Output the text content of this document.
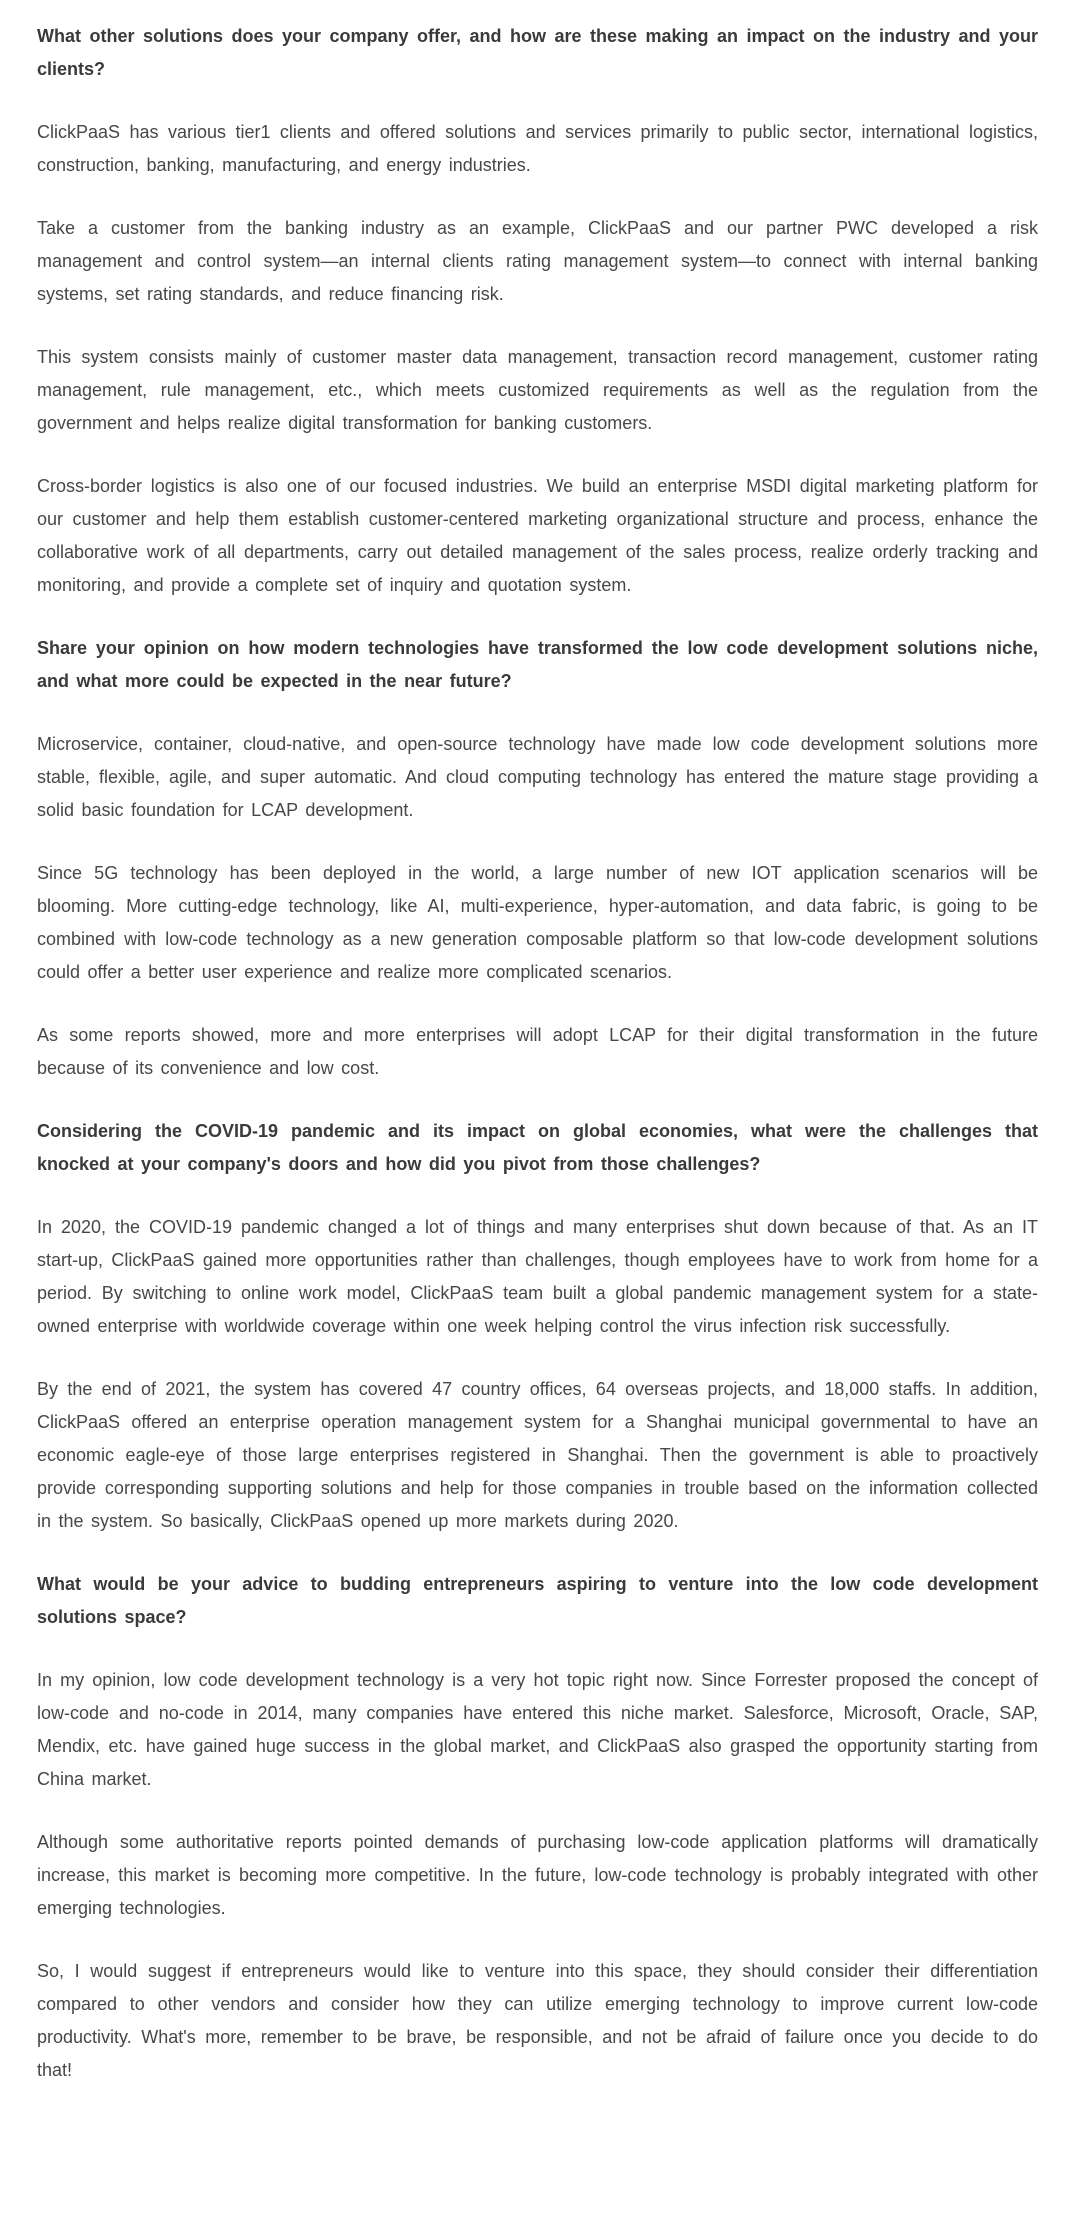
What other solutions does your company offer, and how are these making an impact on the industry and your clients?

ClickPaaS has various tier1 clients and offered solutions and services primarily to public sector, international logistics, construction, banking, manufacturing, and energy industries.

Take a customer from the banking industry as an example, ClickPaaS and our partner PWC developed a risk management and control system—an internal clients rating management system—to connect with internal banking systems, set rating standards, and reduce financing risk.

This system consists mainly of customer master data management, transaction record management, customer rating management, rule management, etc., which meets customized requirements as well as the regulation from the government and helps realize digital transformation for banking customers.

Cross-border logistics is also one of our focused industries. We build an enterprise MSDI digital marketing platform for our customer and help them establish customer-centered marketing organizational structure and process, enhance the collaborative work of all departments, carry out detailed management of the sales process, realize orderly tracking and monitoring, and provide a complete set of inquiry and quotation system.

Share your opinion on how modern technologies have transformed the low code development solutions niche, and what more could be expected in the near future?

Microservice, container, cloud-native, and open-source technology have made low code development solutions more stable, flexible, agile, and super automatic. And cloud computing technology has entered the mature stage providing a solid basic foundation for LCAP development.

Since 5G technology has been deployed in the world, a large number of new IOT application scenarios will be blooming. More cutting-edge technology, like AI, multi-experience, hyper-automation, and data fabric, is going to be combined with low-code technology as a new generation composable platform so that low-code development solutions could offer a better user experience and realize more complicated scenarios.

As some reports showed, more and more enterprises will adopt LCAP for their digital transformation in the future because of its convenience and low cost.

Considering the COVID-19 pandemic and its impact on global economies, what were the challenges that knocked at your company's doors and how did you pivot from those challenges?

In 2020, the COVID-19 pandemic changed a lot of things and many enterprises shut down because of that. As an IT start-up, ClickPaaS gained more opportunities rather than challenges, though employees have to work from home for a period. By switching to online work model, ClickPaaS team built a global pandemic management system for a state-owned enterprise with worldwide coverage within one week helping control the virus infection risk successfully.

By the end of 2021, the system has covered 47 country offices, 64 overseas projects, and 18,000 staffs. In addition, ClickPaaS offered an enterprise operation management system for a Shanghai municipal governmental to have an economic eagle-eye of those large enterprises registered in Shanghai. Then the government is able to proactively provide corresponding supporting solutions and help for those companies in trouble based on the information collected in the system. So basically, ClickPaaS opened up more markets during 2020.

What would be your advice to budding entrepreneurs aspiring to venture into the low code development solutions space?

In my opinion, low code development technology is a very hot topic right now. Since Forrester proposed the concept of low-code and no-code in 2014, many companies have entered this niche market. Salesforce, Microsoft, Oracle, SAP, Mendix, etc. have gained huge success in the global market, and ClickPaaS also grasped the opportunity starting from China market.

Although some authoritative reports pointed demands of purchasing low-code application platforms will dramatically increase, this market is becoming more competitive. In the future, low-code technology is probably integrated with other emerging technologies.

So, I would suggest if entrepreneurs would like to venture into this space, they should consider their differentiation compared to other vendors and consider how they can utilize emerging technology to improve current low-code productivity. What's more, remember to be brave, be responsible, and not be afraid of failure once you decide to do that!
